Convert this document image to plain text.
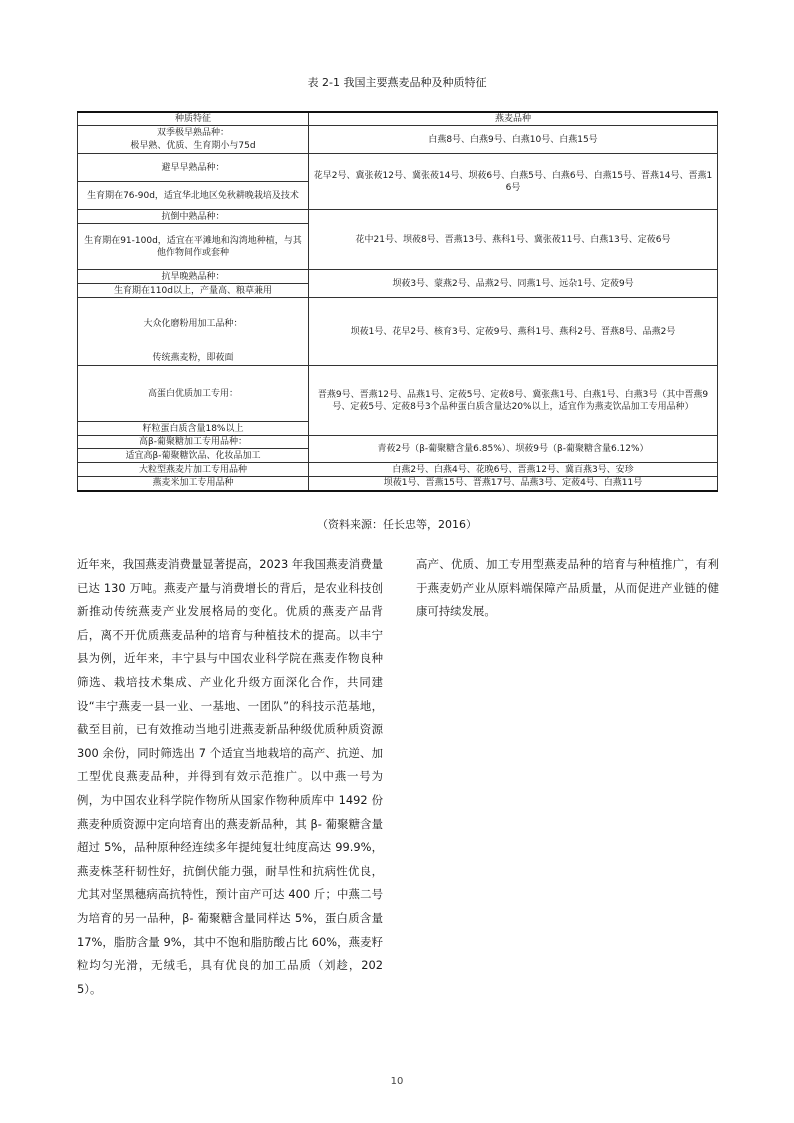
表 2-1 我国主要燕麦品种及种质特征
种质特征	燕麦品种
双季极早熟品种：	白燕8号、白燕9号、白燕10号、白燕15号
极早熟、优质、生育期小与75d	
避早早熟品种：	花早2号、冀张莜12号、冀张莜14号、坝莜6号、白燕5号、白燕6号、白燕15号、晋燕14号、晋燕16号
生育期在76-90d，适宜华北地区免秋耕晚栽培及技术	
抗倒中熟品种：	花中21号、坝莜8号、晋燕13号、燕科1号、冀张莜11号、白燕13号、定莜6号
生育期在91-100d，适宜在平滩地和沟湾地种植，与其他作物间作或套种	
抗旱晚熟品种：	坝莜3号、蒙燕2号、品燕2号、同燕1号、远杂1号、定莜9号
生育期在110d以上，产量高、粮草兼用	
大众化磨粉用加工品种：	坝莜1号、花早2号、核育3号、定莜9号、燕科1号、燕科2号、晋燕8号、品燕2号
传统燕麦粉，即莜面	
高蛋白优质加工专用：	晋燕9号、晋燕12号、品燕1号、定莜5号、定莜8号、冀张燕1号、白燕1号、白燕3号（其中晋燕9号、定莜5号、定莜8号3个品种蛋白质含量达20%以上，适宜作为燕麦饮品加工专用品种）
籽粒蛋白质含量18%以上	
高β-葡聚糖加工专用品种：	青莜2号（β-葡聚糖含量6.85%）、坝莜9号（β-葡聚糖含量6.12%）
适宜高β-葡聚糖饮品、化妆品加工	
大粒型燕麦片加工专用品种	白燕2号、白燕4号、花晚6号、晋燕12号、冀百燕3号、安珍
燕麦米加工专用品种	坝莜1号、晋燕15号、晋燕17号、品燕3号、定莜4号、白燕11号
（资料来源：任长忠等，2016）
近年来，我国燕麦消费量显著提高，2023 年我国燕麦消费量已达 130 万吨。燕麦产量与消费增长的背后，是农业科技创新推动传统燕麦产业发展格局的变化。优质的燕麦产品背后，离不开优质燕麦品种的培育与种植技术的提高。以丰宁县为例，近年来，丰宁县与中国农业科学院在燕麦作物良种筛选、栽培技术集成、产业化升级方面深化合作，共同建设“丰宁燕麦一县一业、一基地、一团队”的科技示范基地，截至目前，已有效推动当地引进燕麦新品种级优质种质资源 300 余份，同时筛选出 7 个适宜当地栽培的高产、抗逆、加工型优良燕麦品种，并得到有效示范推广。以中燕一号为例，为中国农业科学院作物所从国家作物种质库中 1492 份燕麦种质资源中定向培育出的燕麦新品种，其 β- 葡聚糖含量超过 5%，品种原种经连续多年提纯复壮纯度高达 99.9%，燕麦株茎秆韧性好，抗倒伏能力强，耐旱性和抗病性优良，尤其对坚黑穗病高抗特性，预计亩产可达 400 斤；中燕二号为培育的另一品种，β- 葡聚糖含量同样达 5%，蛋白质含量 17%，脂肪含量 9%，其中不饱和脂肪酸占比 60%，燕麦籽粒均匀光滑，无绒毛，具有优良的加工品质（刘趁，2025）。
高产、优质、加工专用型燕麦品种的培育与种植推广，有利于燕麦奶产业从原料端保障产品质量，从而促进产业链的健康可持续发展。
10
